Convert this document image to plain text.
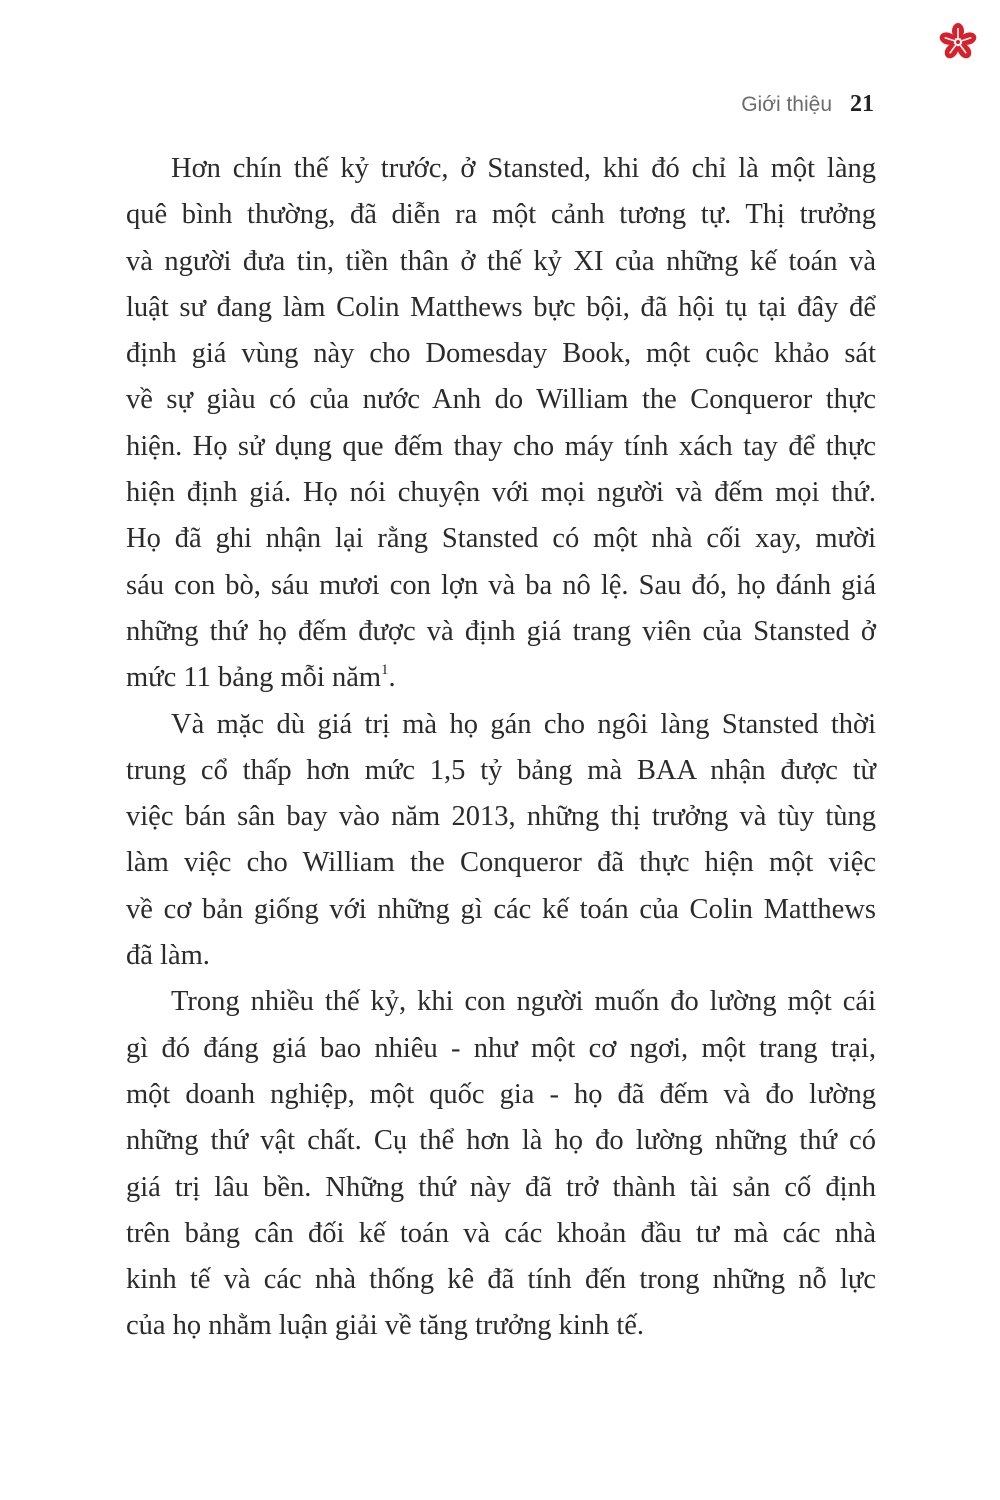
Giới thiệu 21
Hơn chín thế kỷ trước, ở Stansted, khi đó chỉ là một làng
quê bình thường, đã diễn ra một cảnh tương tự. Thị trưởng
và người đưa tin, tiền thân ở thế kỷ XI của những kế toán và
luật sư đang làm Colin Matthews bực bội, đã hội tụ tại đây để
định giá vùng này cho Domesday Book, một cuộc khảo sát
về sự giàu có của nước Anh do William the Conqueror thực
hiện. Họ sử dụng que đếm thay cho máy tính xách tay để thực
hiện định giá. Họ nói chuyện với mọi người và đếm mọi thứ.
Họ đã ghi nhận lại rằng Stansted có một nhà cối xay, mười
sáu con bò, sáu mươi con lợn và ba nô lệ. Sau đó, họ đánh giá
những thứ họ đếm được và định giá trang viên của Stansted ở
mức 11 bảng mỗi năm$^1$.
Và mặc dù giá trị mà họ gán cho ngôi làng Stansted thời
trung cổ thấp hơn mức 1,5 tỷ bảng mà BAA nhận được từ
việc bán sân bay vào năm 2013, những thị trưởng và tùy tùng
làm việc cho William the Conqueror đã thực hiện một việc
về cơ bản giống với những gì các kế toán của Colin Matthews
đã làm.
Trong nhiều thế kỷ, khi con người muốn đo lường một cái
gì đó đáng giá bao nhiêu - như một cơ ngơi, một trang trại,
một doanh nghiệp, một quốc gia - họ đã đếm và đo lường
những thứ vật chất. Cụ thể hơn là họ đo lường những thứ có
giá trị lâu bền. Những thứ này đã trở thành tài sản cố định
trên bảng cân đối kế toán và các khoản đầu tư mà các nhà
kinh tế và các nhà thống kê đã tính đến trong những nỗ lực
của họ nhằm luận giải về tăng trưởng kinh tế.
